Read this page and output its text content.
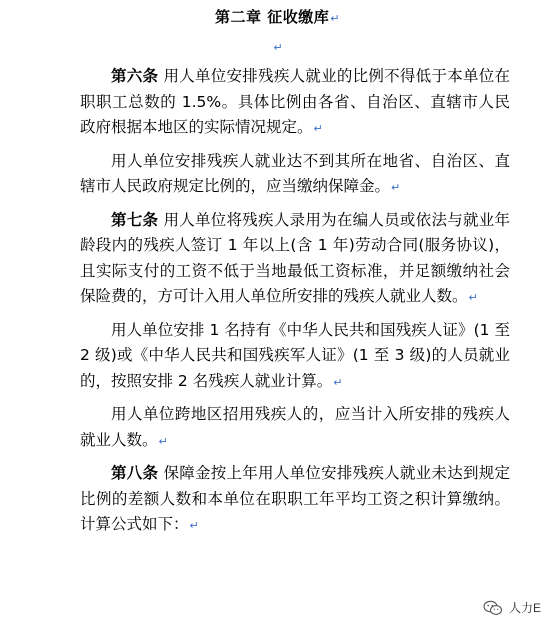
第二章 征收缴库↵
↵

第六条 用人单位安排残疾人就业的比例不得低于本单位在职职工总数的 1.5%。具体比例由各省、自治区、直辖市人民政府根据本地区的实际情况规定。↵

用人单位安排残疾人就业达不到其所在地省、自治区、直辖市人民政府规定比例的，应当缴纳保障金。↵

第七条 用人单位将残疾人录用为在编人员或依法与就业年龄段内的残疾人签订 1 年以上(含 1 年)劳动合同(服务协议)，且实际支付的工资不低于当地最低工资标准，并足额缴纳社会保险费的，方可计入用人单位所安排的残疾人就业人数。↵

用人单位安排 1 名持有《中华人民共和国残疾人证》(1 至 2 级)或《中华人民共和国残疾军人证》(1 至 3 级)的人员就业的，按照安排 2 名残疾人就业计算。↵

用人单位跨地区招用残疾人的，应当计入所安排的残疾人就业人数。↵

第八条 保障金按上年用人单位安排残疾人就业未达到规定比例的差额人数和本单位在职职工年平均工资之积计算缴纳。计算公式如下：↵

人力E
